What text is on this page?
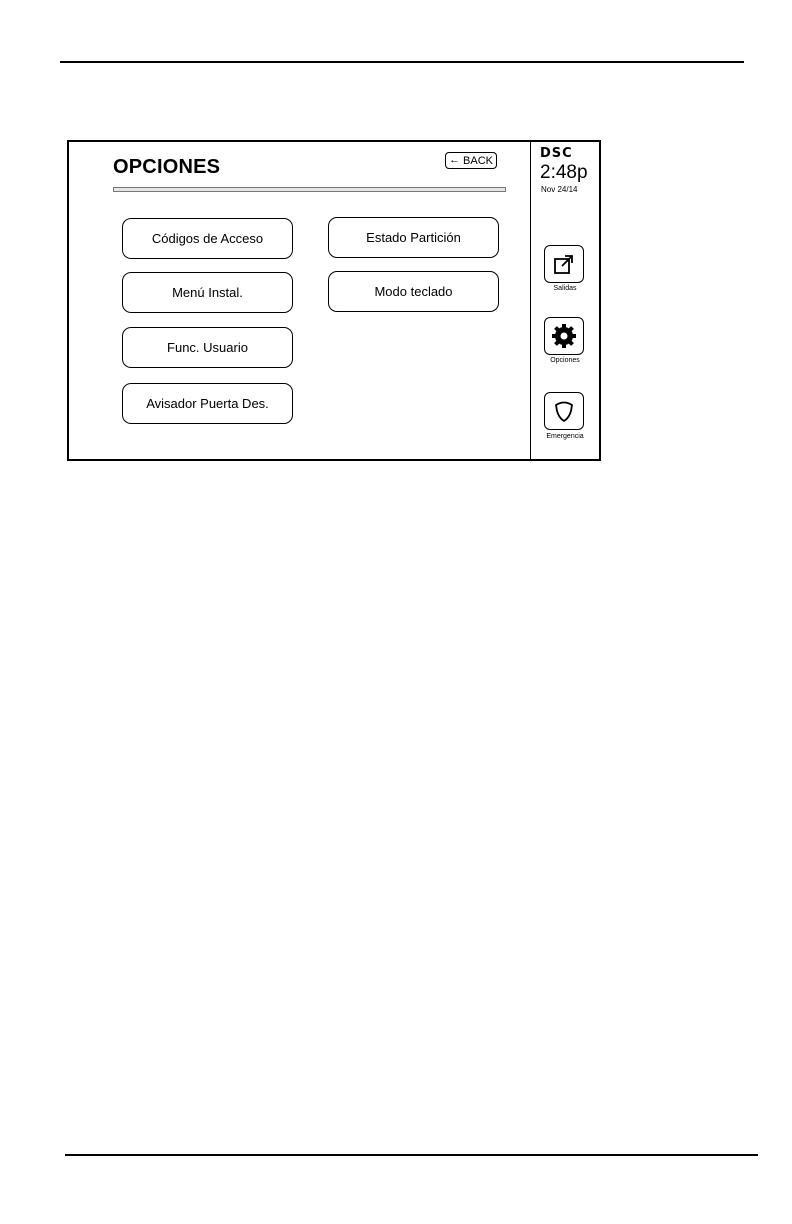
OPCIONES	← BACK
Códigos de Acceso
Menú Instal.
Func. Usuario
Avisador Puerta Des.
Estado Partición
Modo teclado
DSC
2:48p
Nov 24/14
Salidas
Opciones
Emergencia
